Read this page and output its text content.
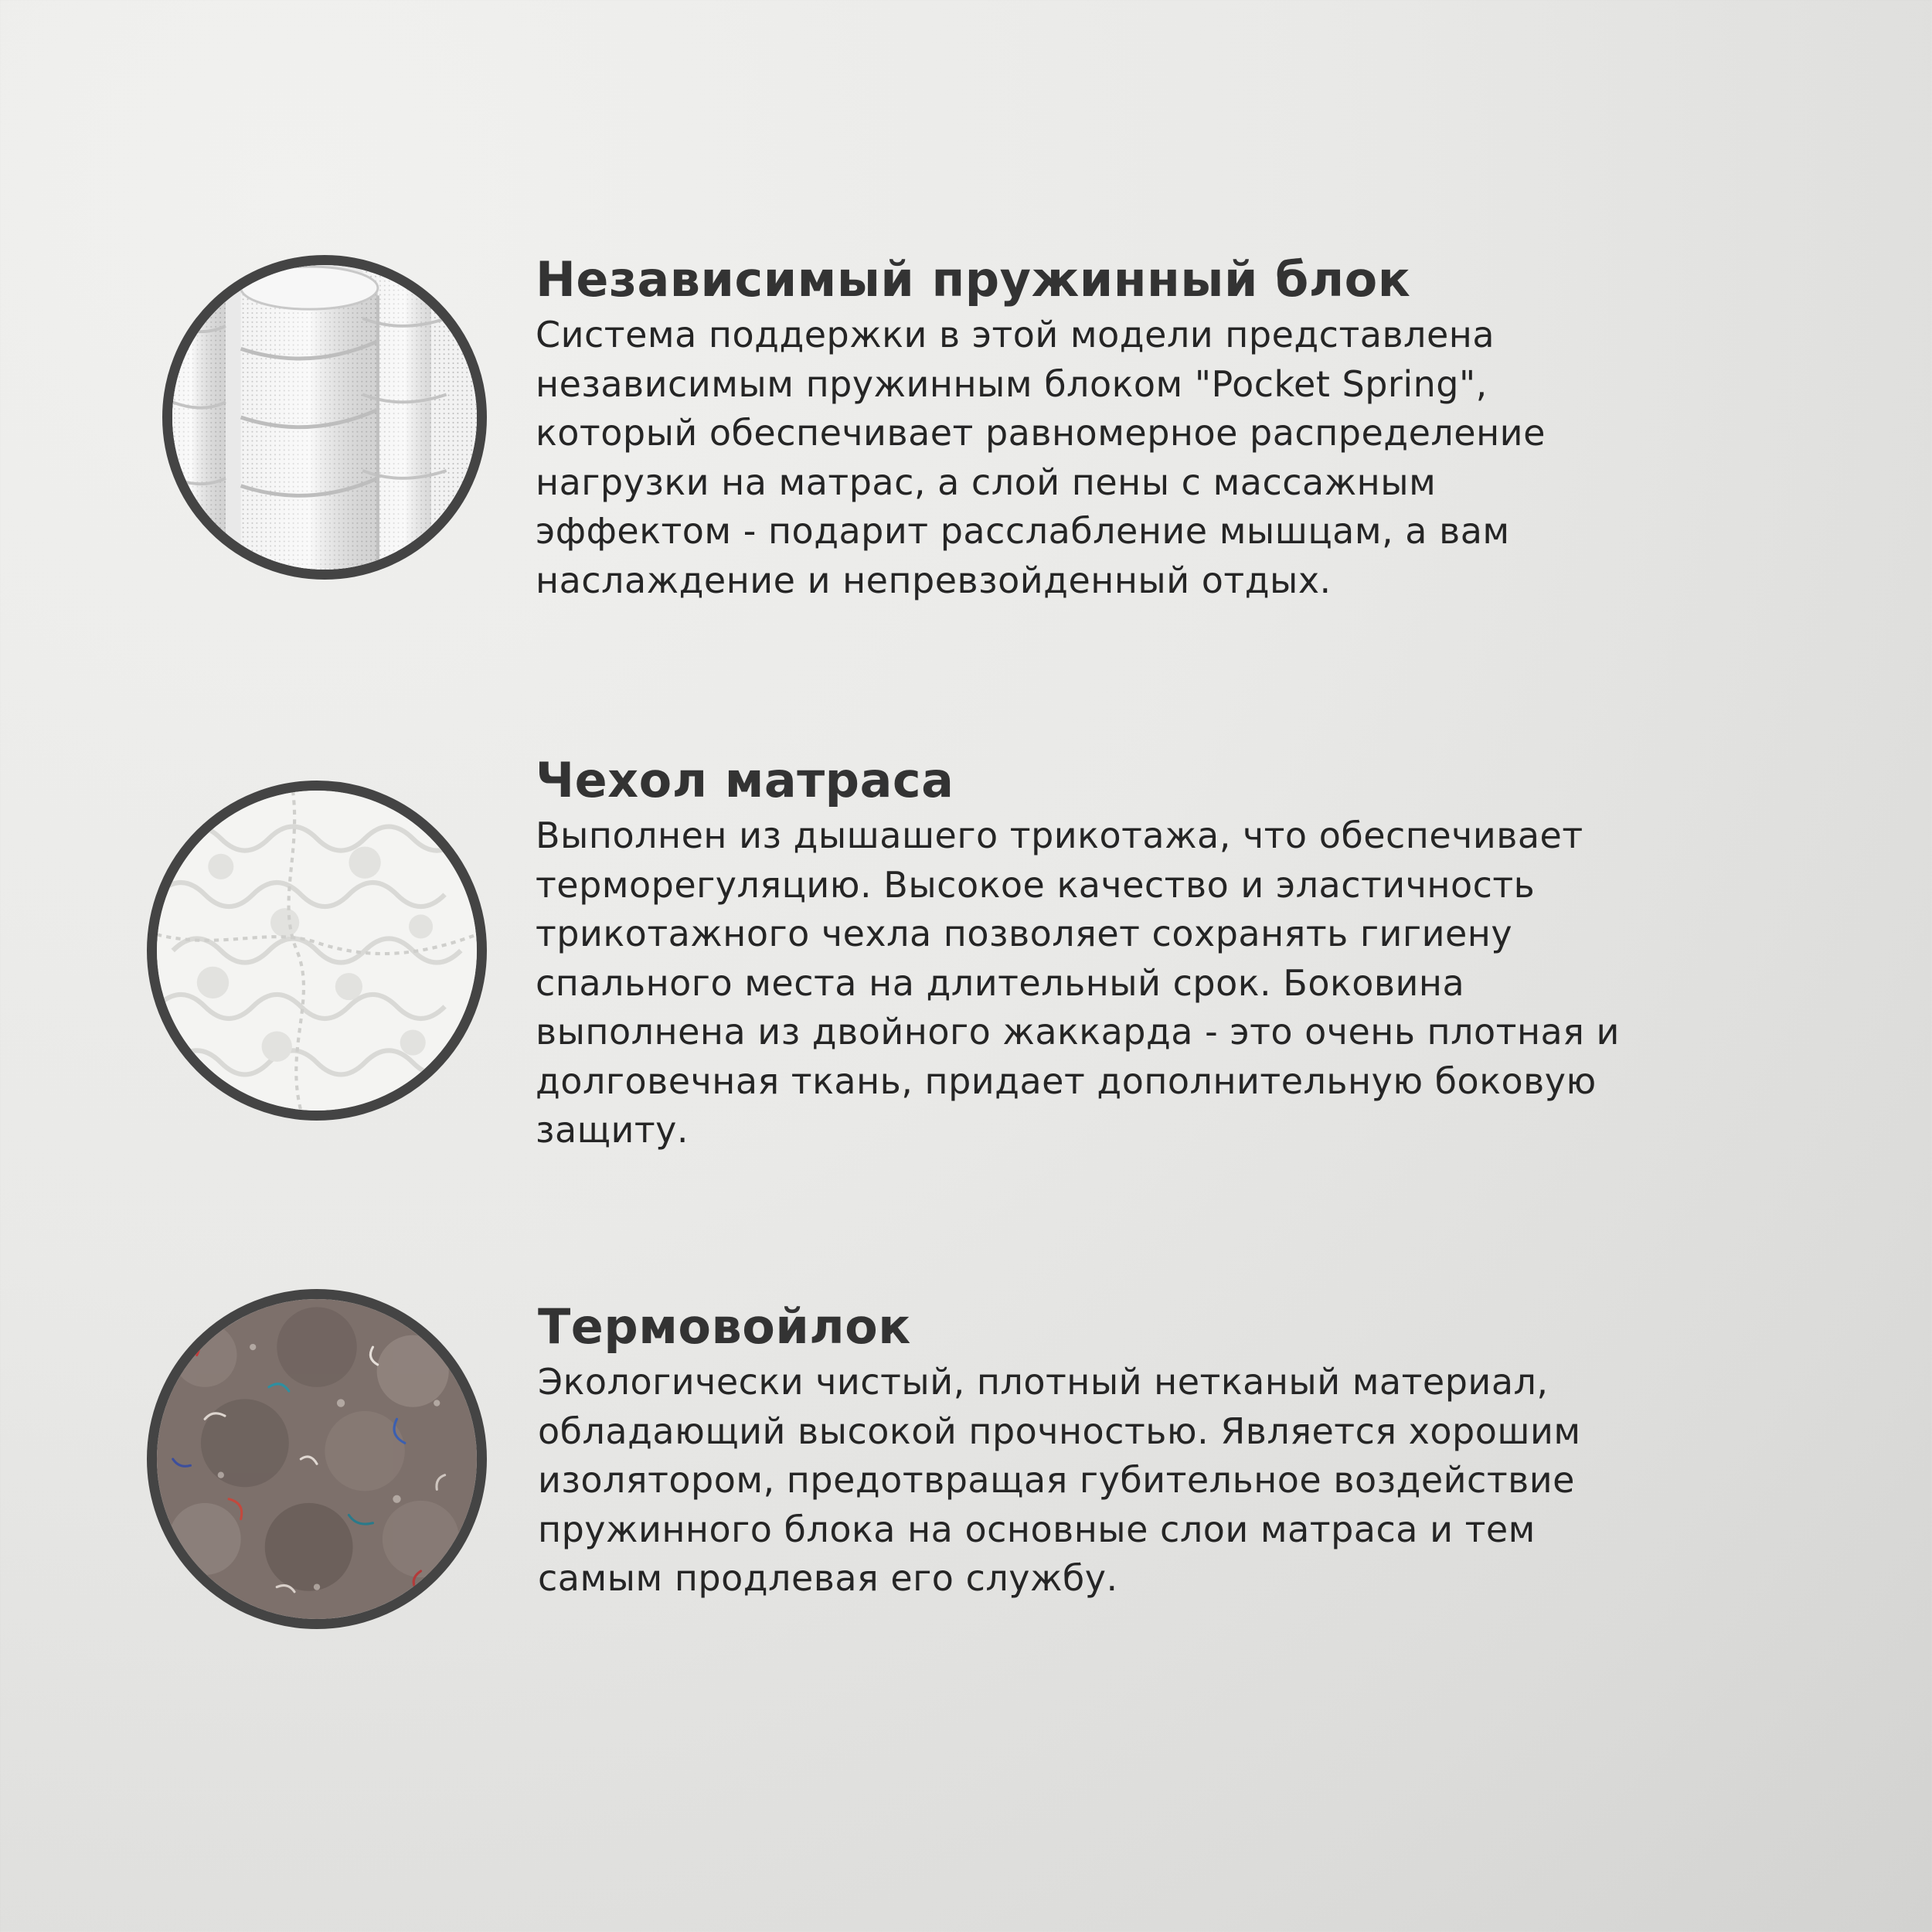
Независимый пружинный блок

Система поддержки в этой модели представлена
независимым пружинным блоком "Pocket Spring",
который обеспечивает равномерное распределение
нагрузки на матрас, а слой пены с массажным
эффектом - подарит расслабление мышцам, а вам
наслаждение и непревзойденный отдых.

Чехол матраса

Выполнен из дышашего трикотажа, что обеспечивает
терморегуляцию. Высокое качество и эластичность
трикотажного чехла позволяет сохранять гигиену
спального места на длительный срок. Боковина
выполнена из двойного жаккарда - это очень плотная и
долговечная ткань, придает дополнительную боковую
защиту.

Термовойлок

Экологически чистый, плотный нетканый материал,
обладающий высокой прочностью. Является хорошим
изолятором, предотвращая губительное воздействие
пружинного блока на основные слои матраса и тем
самым продлевая его службу.
